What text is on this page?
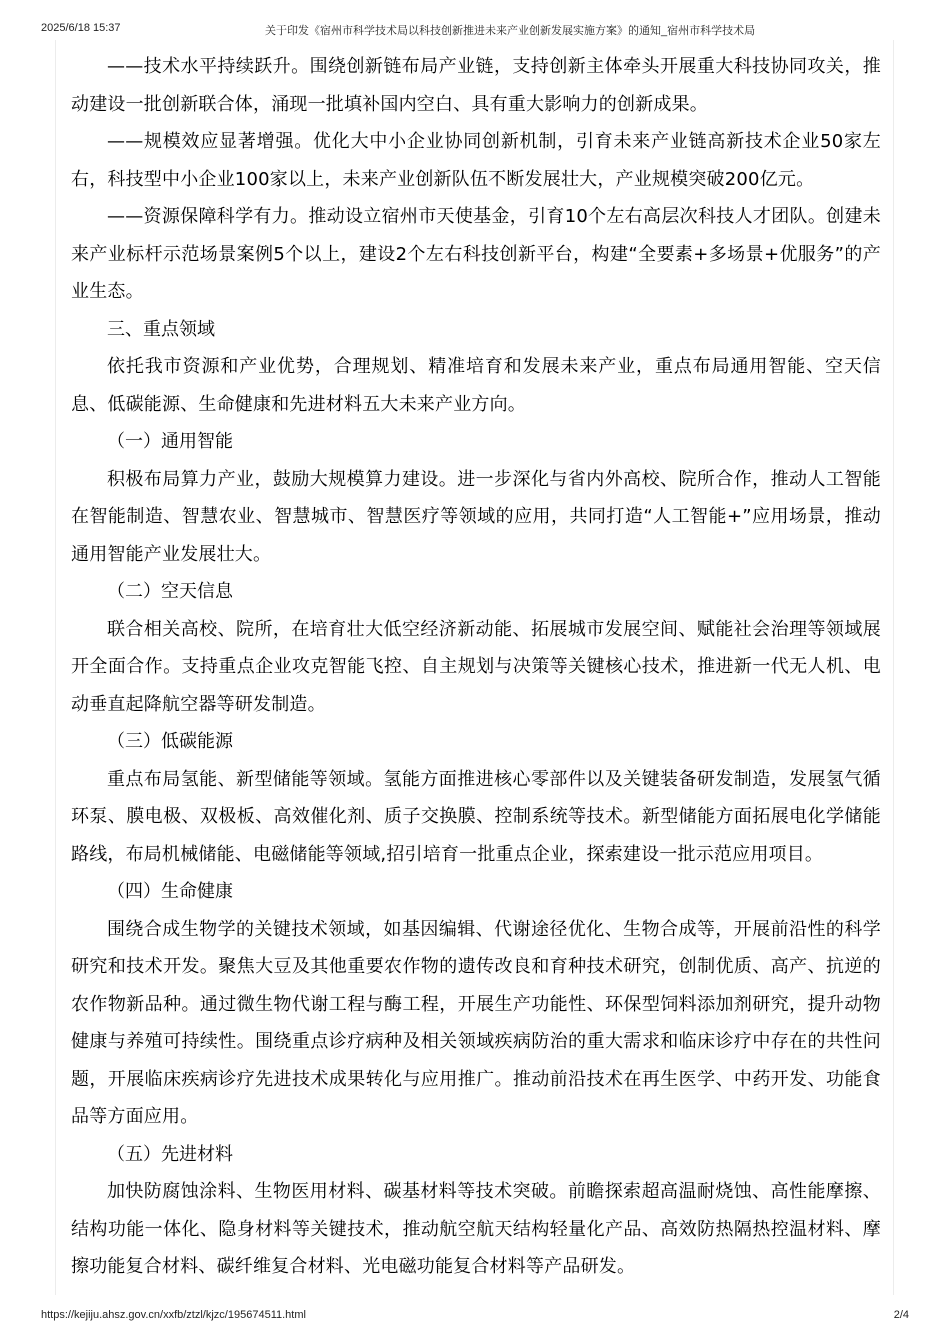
2025/6/18 15:37	关于印发《宿州市科学技术局以科技创新推进未来产业创新发展实施方案》的通知_宿州市科学技术局

——技术水平持续跃升。围绕创新链布局产业链，支持创新主体牵头开展重大科技协同攻关，推动建设一批创新联合体，涌现一批填补国内空白、具有重大影响力的创新成果。

——规模效应显著增强。优化大中小企业协同创新机制，引育未来产业链高新技术企业50家左右，科技型中小企业100家以上，未来产业创新队伍不断发展壮大，产业规模突破200亿元。

——资源保障科学有力。推动设立宿州市天使基金，引育10个左右高层次科技人才团队。创建未来产业标杆示范场景案例5个以上，建设2个左右科技创新平台，构建“全要素+多场景+优服务”的产业生态。

三、重点领域

依托我市资源和产业优势，合理规划、精准培育和发展未来产业，重点布局通用智能、空天信息、低碳能源、生命健康和先进材料五大未来产业方向。

（一）通用智能

积极布局算力产业，鼓励大规模算力建设。进一步深化与省内外高校、院所合作，推动人工智能在智能制造、智慧农业、智慧城市、智慧医疗等领域的应用，共同打造“人工智能+”应用场景，推动通用智能产业发展壮大。

（二）空天信息

联合相关高校、院所，在培育壮大低空经济新动能、拓展城市发展空间、赋能社会治理等领域展开全面合作。支持重点企业攻克智能飞控、自主规划与决策等关键核心技术，推进新一代无人机、电动垂直起降航空器等研发制造。

（三）低碳能源

重点布局氢能、新型储能等领域。氢能方面推进核心零部件以及关键装备研发制造，发展氢气循环泵、膜电极、双极板、高效催化剂、质子交换膜、控制系统等技术。新型储能方面拓展电化学储能路线，布局机械储能、电磁储能等领域,招引培育一批重点企业，探索建设一批示范应用项目。

（四）生命健康

围绕合成生物学的关键技术领域，如基因编辑、代谢途径优化、生物合成等，开展前沿性的科学研究和技术开发。聚焦大豆及其他重要农作物的遗传改良和育种技术研究，创制优质、高产、抗逆的农作物新品种。通过微生物代谢工程与酶工程，开展生产功能性、环保型饲料添加剂研究，提升动物健康与养殖可持续性。围绕重点诊疗病种及相关领域疾病防治的重大需求和临床诊疗中存在的共性问题，开展临床疾病诊疗先进技术成果转化与应用推广。推动前沿技术在再生医学、中药开发、功能食品等方面应用。

（五）先进材料

加快防腐蚀涂料、生物医用材料、碳基材料等技术突破。前瞻探索超高温耐烧蚀、高性能摩擦、结构功能一体化、隐身材料等关键技术，推动航空航天结构轻量化产品、高效防热隔热控温材料、摩擦功能复合材料、碳纤维复合材料、光电磁功能复合材料等产品研发。

https://kejiju.ahsz.gov.cn/xxfb/ztzl/kjzc/195674511.html	2/4
